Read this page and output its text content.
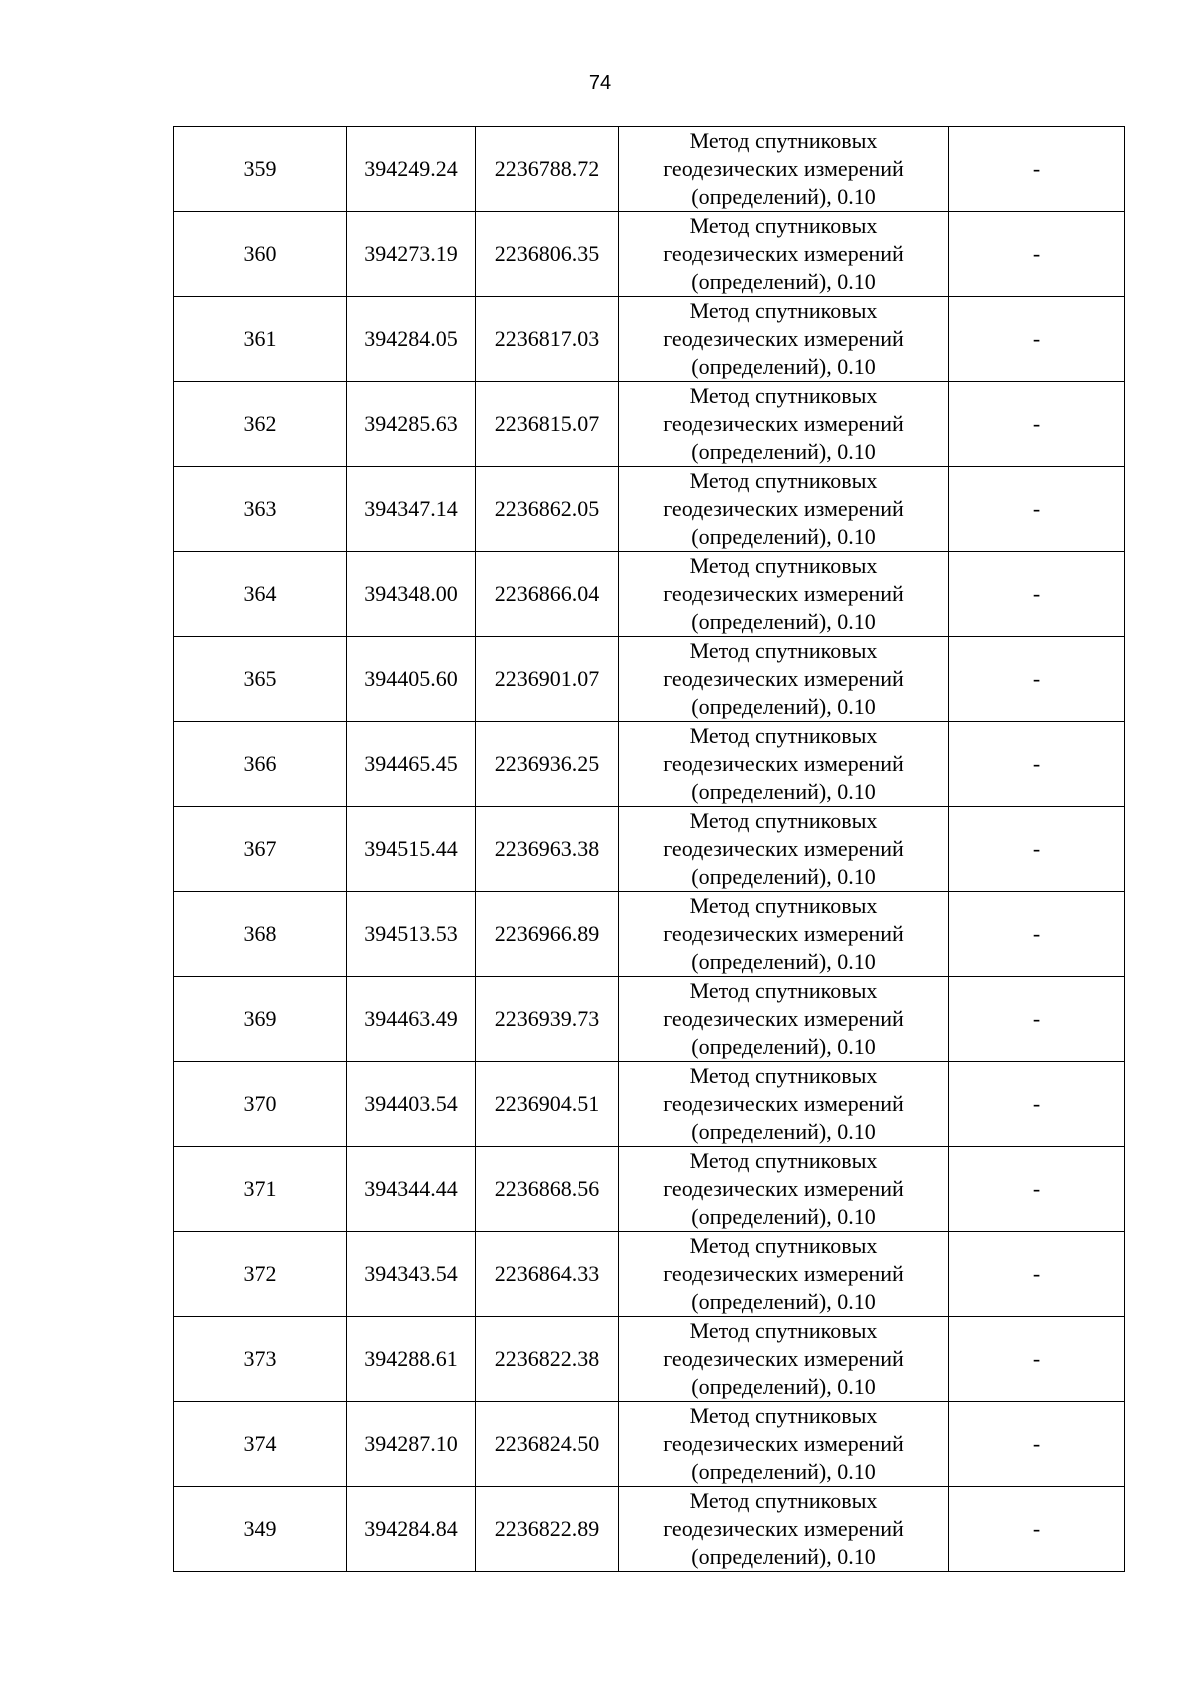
74
359	394249.24	2236788.72	Метод спутниковых
геодезических измерений
(определений), 0.10	-
360	394273.19	2236806.35	Метод спутниковых
геодезических измерений
(определений), 0.10	-
361	394284.05	2236817.03	Метод спутниковых
геодезических измерений
(определений), 0.10	-
362	394285.63	2236815.07	Метод спутниковых
геодезических измерений
(определений), 0.10	-
363	394347.14	2236862.05	Метод спутниковых
геодезических измерений
(определений), 0.10	-
364	394348.00	2236866.04	Метод спутниковых
геодезических измерений
(определений), 0.10	-
365	394405.60	2236901.07	Метод спутниковых
геодезических измерений
(определений), 0.10	-
366	394465.45	2236936.25	Метод спутниковых
геодезических измерений
(определений), 0.10	-
367	394515.44	2236963.38	Метод спутниковых
геодезических измерений
(определений), 0.10	-
368	394513.53	2236966.89	Метод спутниковых
геодезических измерений
(определений), 0.10	-
369	394463.49	2236939.73	Метод спутниковых
геодезических измерений
(определений), 0.10	-
370	394403.54	2236904.51	Метод спутниковых
геодезических измерений
(определений), 0.10	-
371	394344.44	2236868.56	Метод спутниковых
геодезических измерений
(определений), 0.10	-
372	394343.54	2236864.33	Метод спутниковых
геодезических измерений
(определений), 0.10	-
373	394288.61	2236822.38	Метод спутниковых
геодезических измерений
(определений), 0.10	-
374	394287.10	2236824.50	Метод спутниковых
геодезических измерений
(определений), 0.10	-
349	394284.84	2236822.89	Метод спутниковых
геодезических измерений
(определений), 0.10	-
